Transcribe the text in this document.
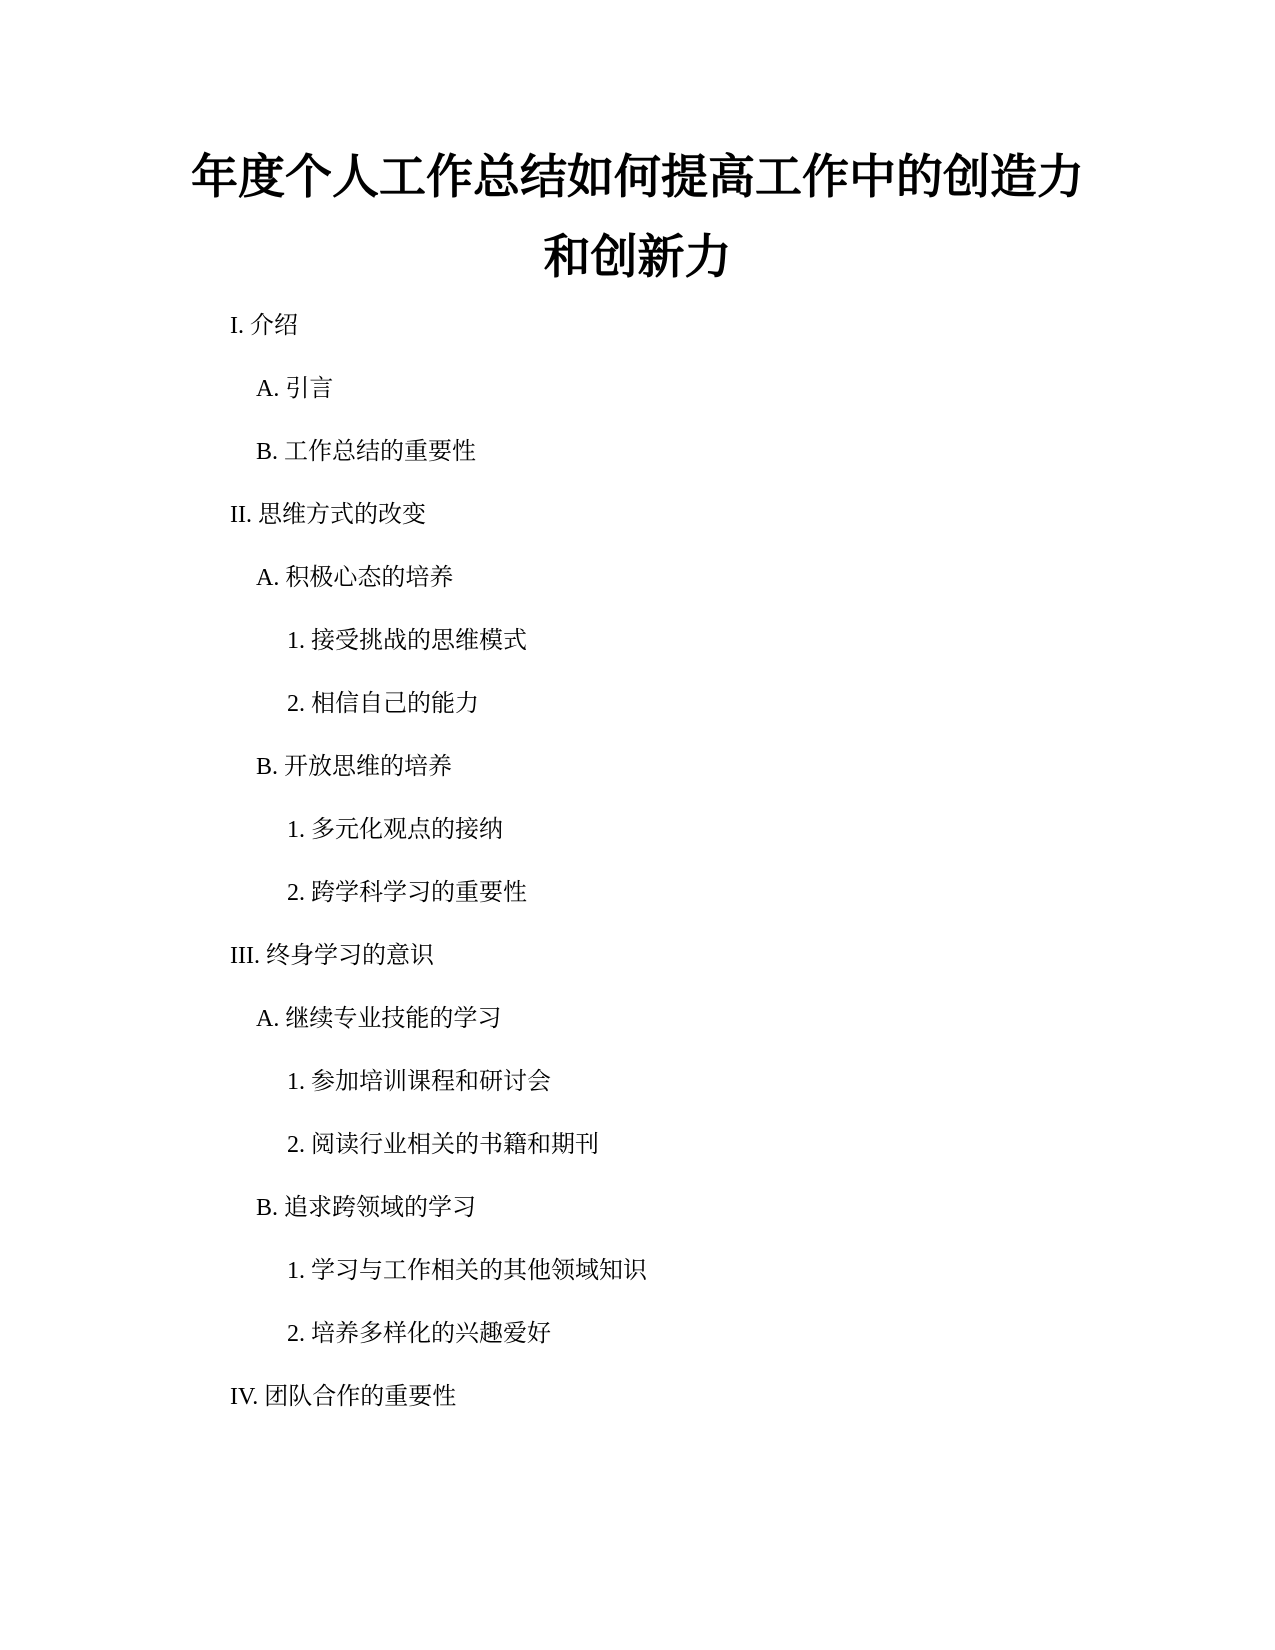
年度个人工作总结如何提高工作中的创造力
和创新力
I. 介绍
A. 引言
B. 工作总结的重要性
II. 思维方式的改变
A. 积极心态的培养
1. 接受挑战的思维模式
2. 相信自己的能力
B. 开放思维的培养
1. 多元化观点的接纳
2. 跨学科学习的重要性
III. 终身学习的意识
A. 继续专业技能的学习
1. 参加培训课程和研讨会
2. 阅读行业相关的书籍和期刊
B. 追求跨领域的学习
1. 学习与工作相关的其他领域知识
2. 培养多样化的兴趣爱好
IV. 团队合作的重要性
